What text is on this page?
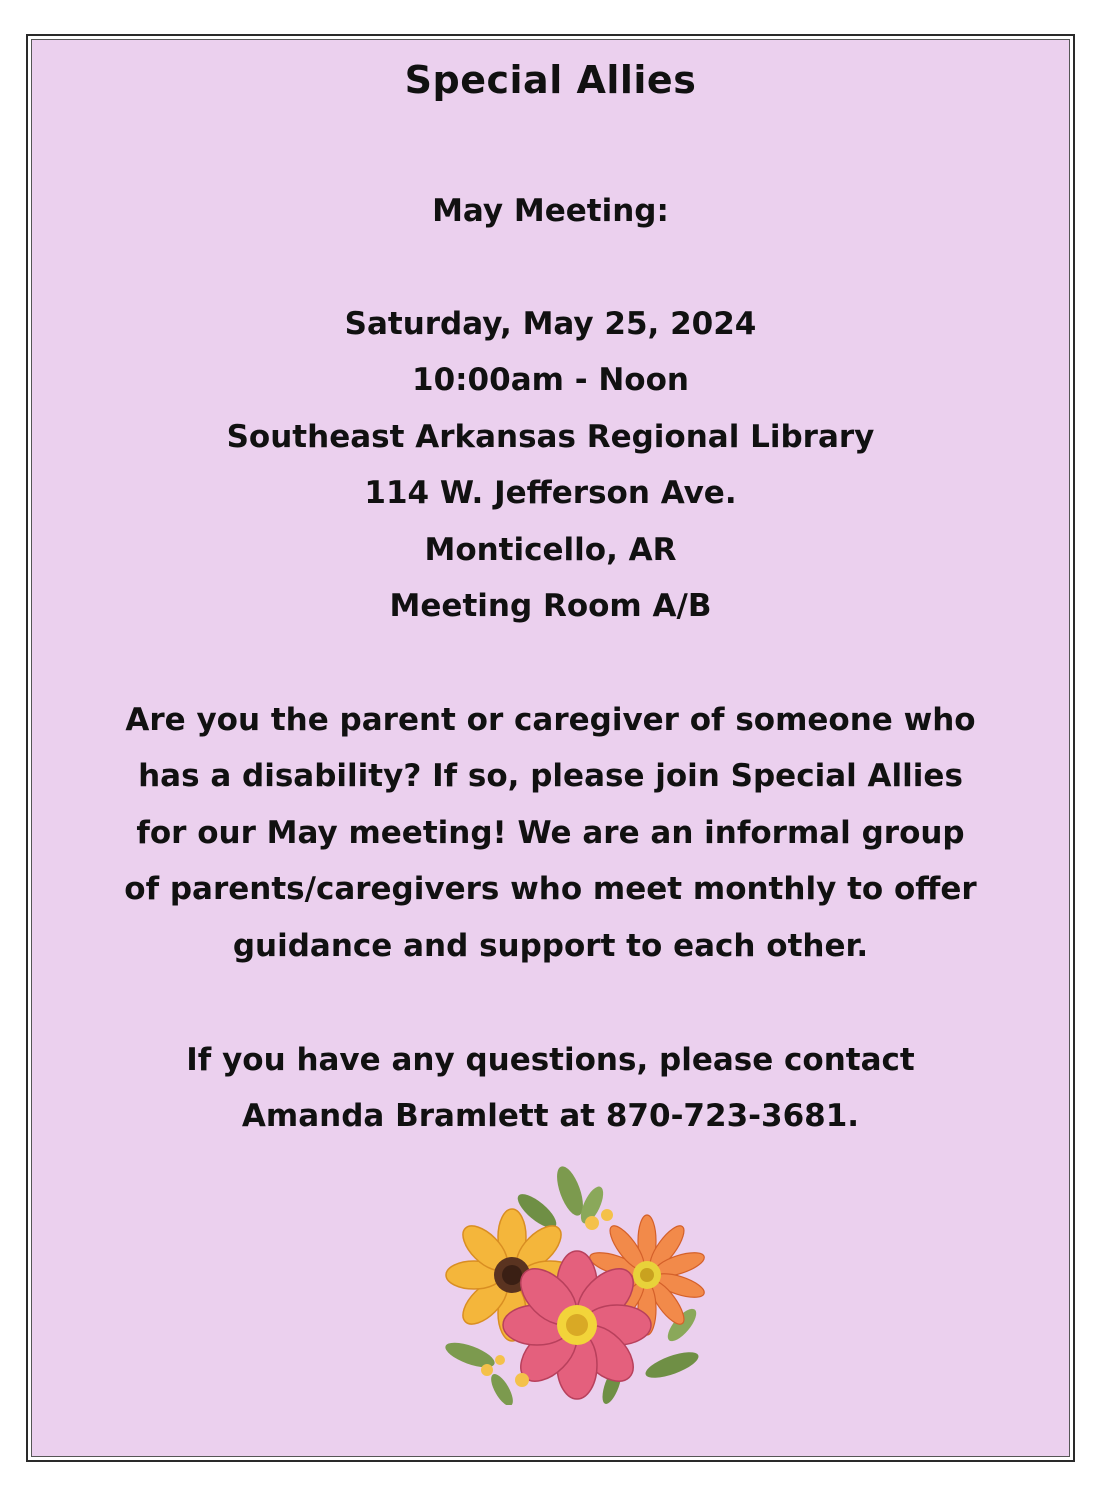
Special Allies
May Meeting:
Saturday, May 25, 2024
10:00am - Noon
Southeast Arkansas Regional Library
114 W. Jefferson Ave.
Monticello, AR
Meeting Room A/B
Are you the parent or caregiver of someone who
has a disability? If so, please join Special Allies
for our May meeting! We are an informal group
of parents/caregivers who meet monthly to offer
guidance and support to each other.
If you have any questions, please contact
Amanda Bramlett at 870-723-3681.
